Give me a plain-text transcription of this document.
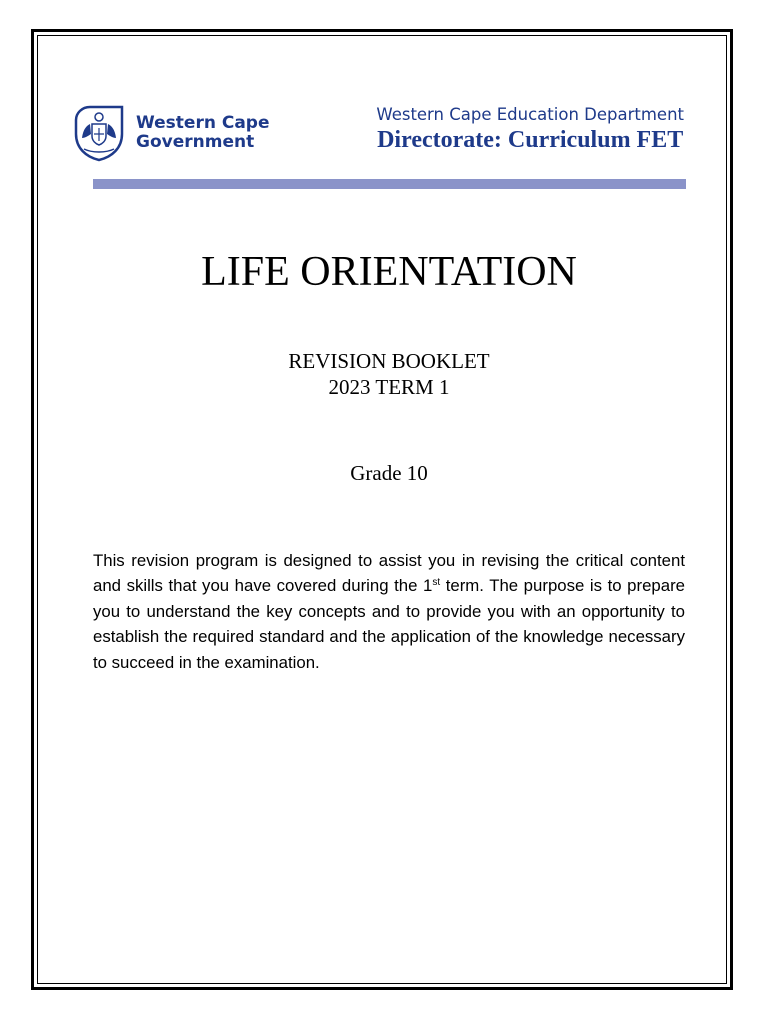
Western Cape
Government
Western Cape Education Department
Directorate: Curriculum FET
LIFE ORIENTATION
REVISION BOOKLET
2023 TERM 1
Grade 10

This revision program is designed to assist you in revising the critical content and skills that you have covered during the 1st term. The purpose is to prepare you to understand the key concepts and to provide you with an opportunity to establish the required standard and the application of the knowledge necessary to succeed in the examination.
